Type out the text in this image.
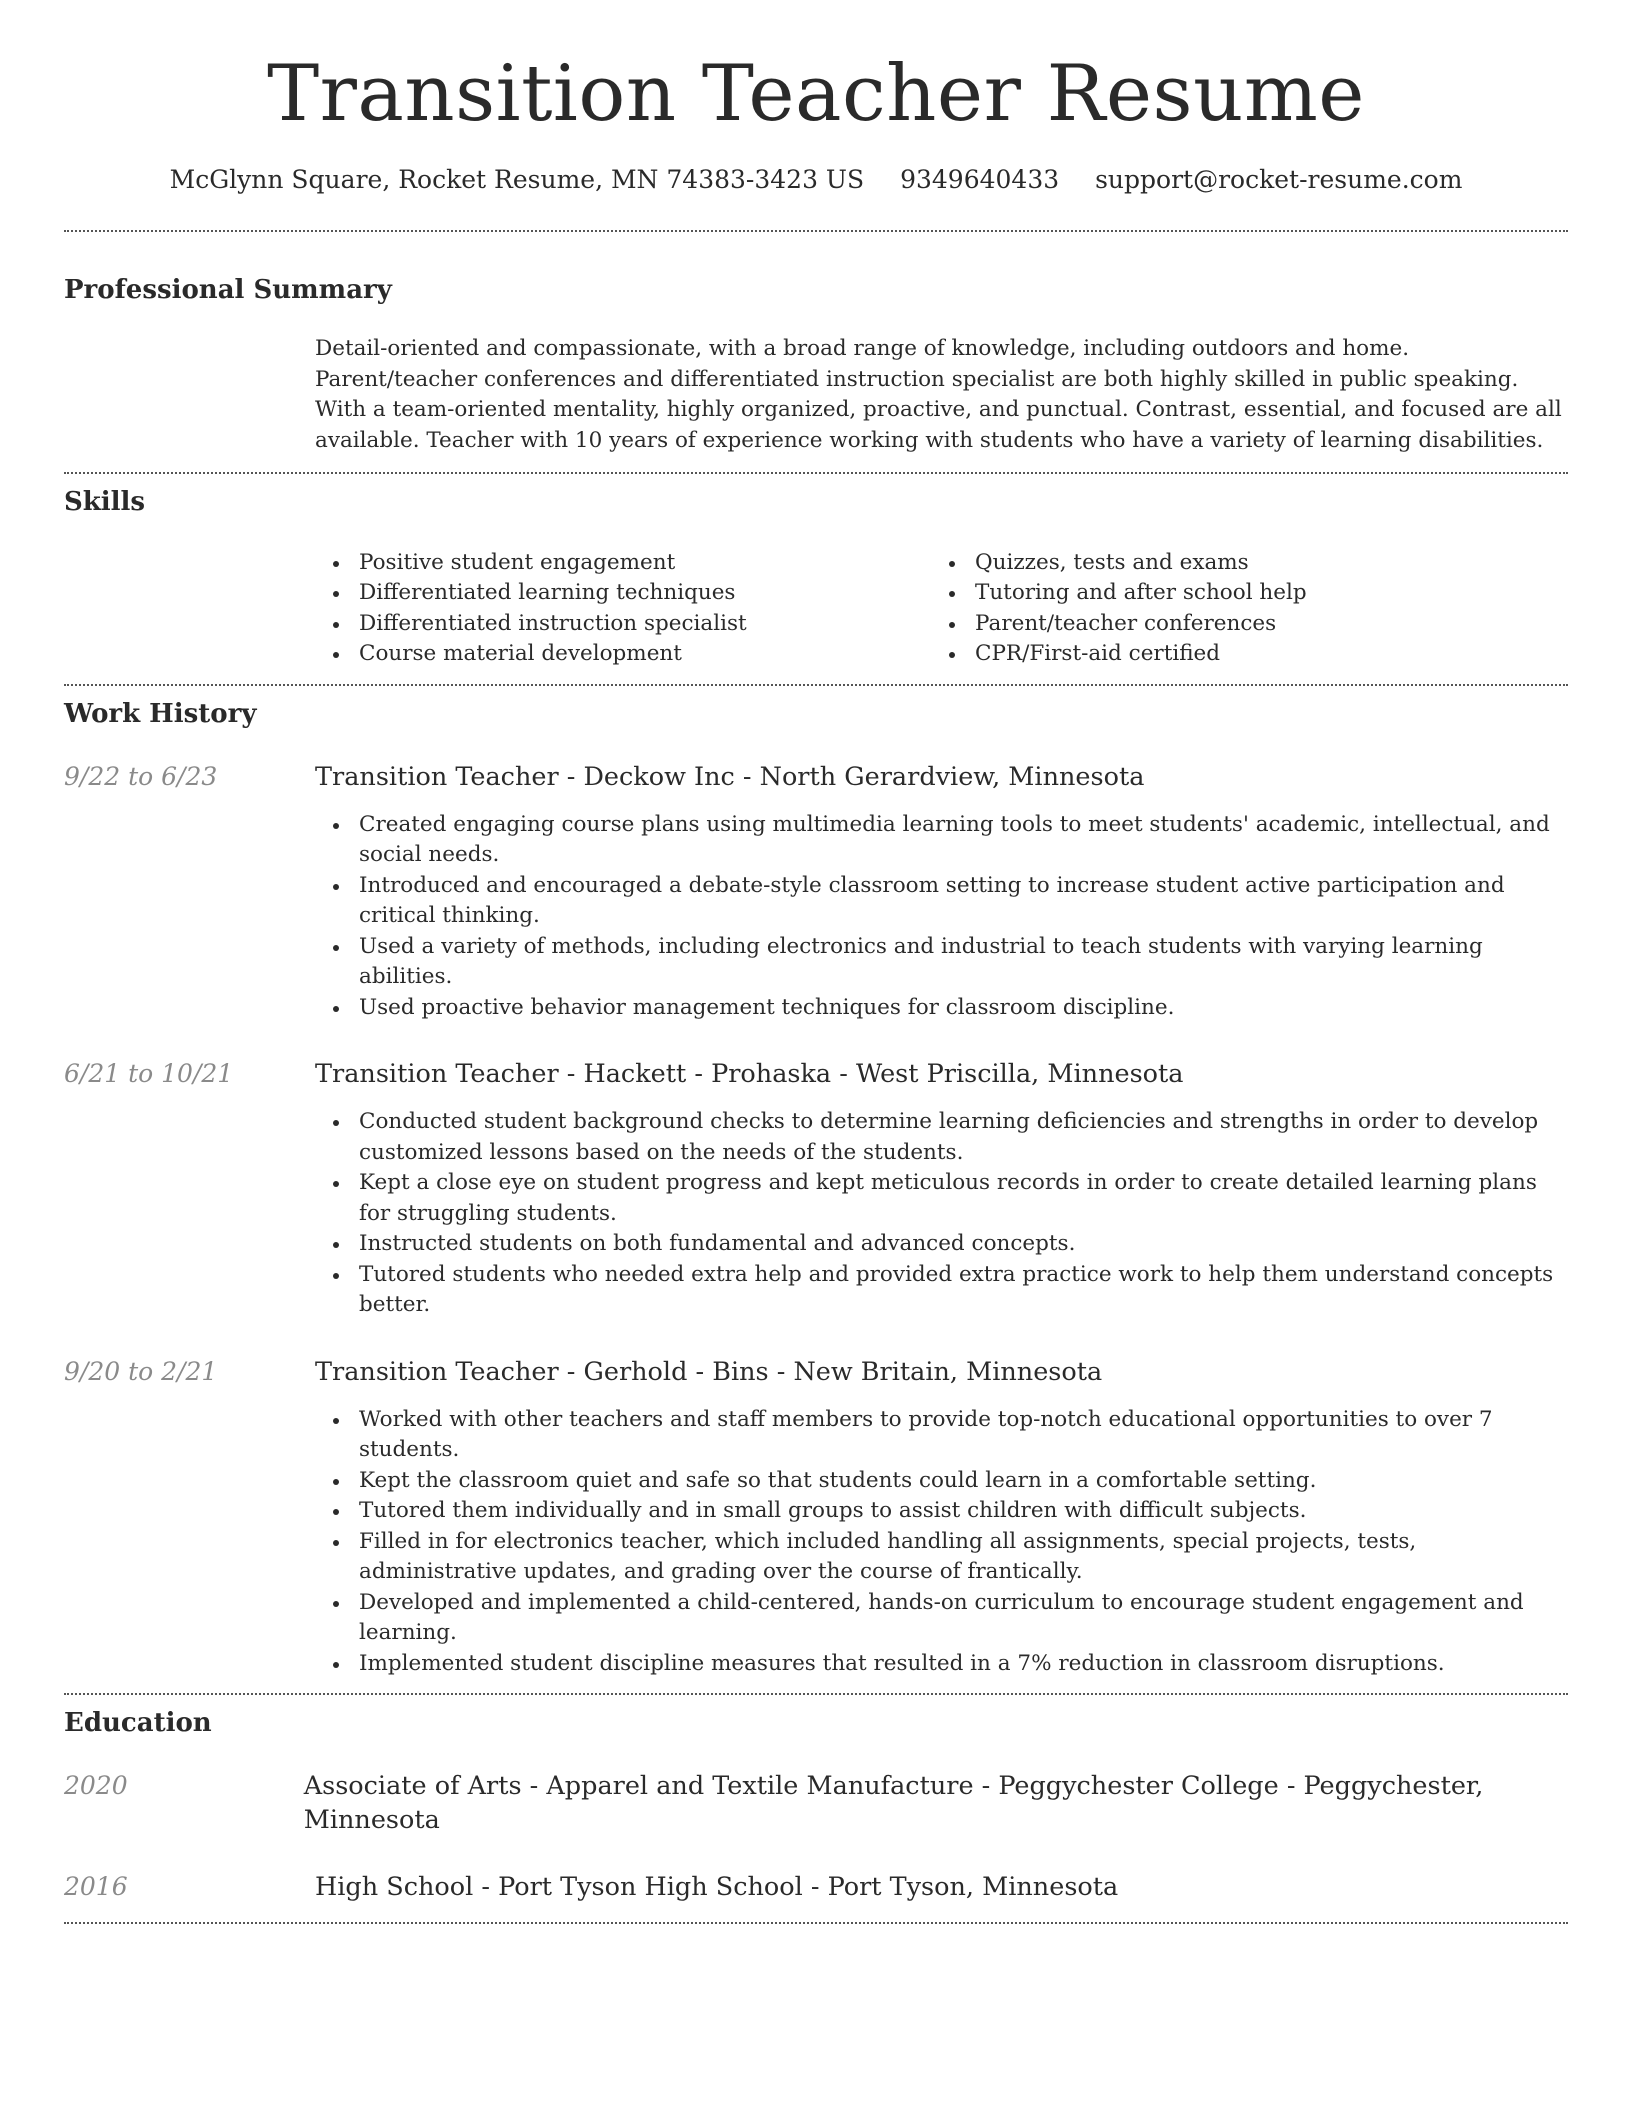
Transition Teacher Resume
McGlynn Square, Rocket Resume, MN 74383-3423 US 9349640433 support@rocket-resume.com
Professional Summary

Detail-oriented and compassionate, with a broad range of knowledge, including outdoors and home. Parent/teacher conferences and differentiated instruction specialist are both highly skilled in public speaking. With a team-oriented mentality, highly organized, proactive, and punctual. Contrast, essential, and focused are all available. Teacher with 10 years of experience working with students who have a variety of learning disabilities.

Skills
Positive student engagement
Differentiated learning techniques
Differentiated instruction specialist
Course material development
Quizzes, tests and exams
Tutoring and after school help
Parent/teacher conferences
CPR/First-aid certified
Work History
9/22 to 6/23	Transition Teacher - Deckow Inc - North Gerardview, Minnesota
Created engaging course plans using multimedia learning tools to meet students' academic, intellectual, and social needs.
Introduced and encouraged a debate-style classroom setting to increase student active participation and critical thinking.
Used a variety of methods, including electronics and industrial to teach students with varying learning abilities.
Used proactive behavior management techniques for classroom discipline.
6/21 to 10/21	Transition Teacher - Hackett - Prohaska - West Priscilla, Minnesota
Conducted student background checks to determine learning deficiencies and strengths in order to develop customized lessons based on the needs of the students.
Kept a close eye on student progress and kept meticulous records in order to create detailed learning plans for struggling students.
Instructed students on both fundamental and advanced concepts.
Tutored students who needed extra help and provided extra practice work to help them understand concepts better.
9/20 to 2/21	Transition Teacher - Gerhold - Bins - New Britain, Minnesota
Worked with other teachers and staff members to provide top-notch educational opportunities to over 7 students.
Kept the classroom quiet and safe so that students could learn in a comfortable setting.
Tutored them individually and in small groups to assist children with difficult subjects.
Filled in for electronics teacher, which included handling all assignments, special projects, tests, administrative updates, and grading over the course of frantically.
Developed and implemented a child-centered, hands-on curriculum to encourage student engagement and learning.
Implemented student discipline measures that resulted in a 7% reduction in classroom disruptions.
Education
2020	Associate of Arts - Apparel and Textile Manufacture - Peggychester College - Peggychester, Minnesota
2016	High School - Port Tyson High School - Port Tyson, Minnesota
